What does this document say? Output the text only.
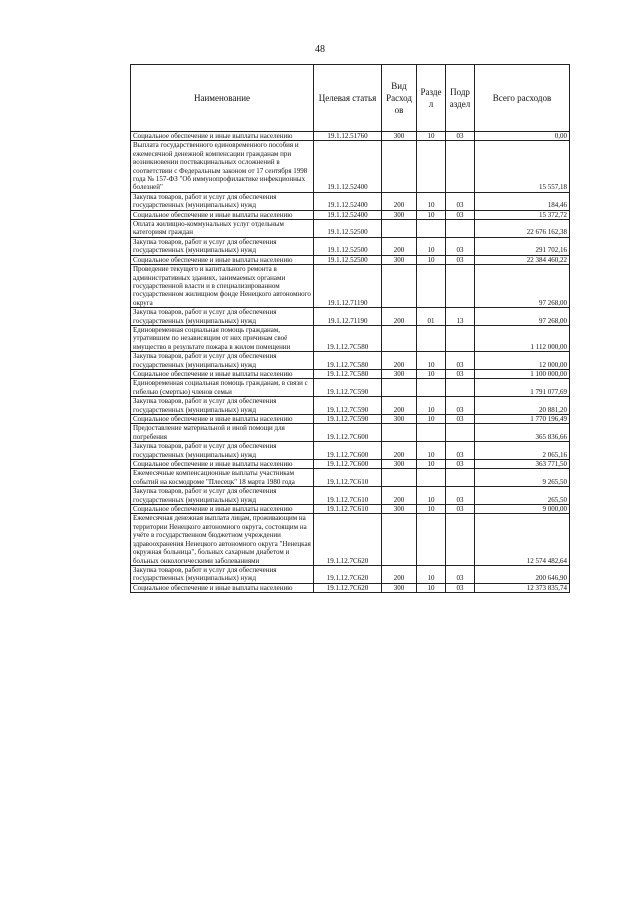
48
Наименование	Целевая статья	Вид Расход ов	Разде л	Подр аздел	Всего расходов
Социальное обеспечение и иные выплаты населению	19.1.12.51760	300	10	03	0,00
Выплата государственного единовременного пособия и ежемесячной денежной компенсации гражданам при возникновении поствакцинальных осложнений в соответствии с Федеральным законом от 17 сентября 1998 года № 157-ФЗ "Об иммунопрофилактике инфекционных болезней"	19.1.12.52400				15 557,18
Закупка товаров, работ и услуг для обеспечения государственных (муниципальных) нужд	19.1.12.52400	200	10	03	184,46
Социальное обеспечение и иные выплаты населению	19.1.12.52400	300	10	03	15 372,72
Оплата жилищно-коммунальных услуг отдельным категориям граждан	19.1.12.52500				22 676 162,38
Закупка товаров, работ и услуг для обеспечения государственных (муниципальных) нужд	19.1.12.52500	200	10	03	291 702,16
Социальное обеспечение и иные выплаты населению	19.1.12.52500	300	10	03	22 384 460,22
Проведение текущего и капитального ремонта в административных зданиях, занимаемых органами государственной власти и в специализированном государственном жилищном фонде Ненецкого автономного округа	19.1.12.71190				97 268,00
Закупка товаров, работ и услуг для обеспечения государственных (муниципальных) нужд	19.1.12.71190	200	01	13	97 268,00
Единовременная социальная помощь гражданам, утратившим по независящим от них причинам своё имущество в результате пожара в жилом помещении	19.1.12.7С580				1 112 000,00
Закупка товаров, работ и услуг для обеспечения государственных (муниципальных) нужд	19.1.12.7С580	200	10	03	12 000,00
Социальное обеспечение и иные выплаты населению	19.1.12.7С580	300	10	03	1 100 000,00
Единовременная социальная помощь гражданам, в связи с гибелью (смертью) членов семьи	19.1.12.7С590				1 791 077,69
Закупка товаров, работ и услуг для обеспечения государственных (муниципальных) нужд	19.1.12.7С590	200	10	03	20 881,20
Социальное обеспечение и иные выплаты населению	19.1.12.7С590	300	10	03	1 770 196,49
Предоставление материальной и иной помощи для погребения	19.1.12.7С600				365 836,66
Закупка товаров, работ и услуг для обеспечения государственных (муниципальных) нужд	19.1.12.7С600	200	10	03	2 065,16
Социальное обеспечение и иные выплаты населению	19.1.12.7С600	300	10	03	363 771,50
Ежемесячные компенсационные выплаты участникам событий на космодроме "Плесецк" 18 марта 1980 года	19.1.12.7С610				9 265,50
Закупка товаров, работ и услуг для обеспечения государственных (муниципальных) нужд	19.1.12.7С610	200	10	03	265,50
Социальное обеспечение и иные выплаты населению	19.1.12.7С610	300	10	03	9 000,00
Ежемесячная денежная выплата лицам, проживающим на территории Ненецкого автономного округа, состоящим на учёте в государственном бюджетном учреждении здравоохранения Ненецкого автономного округа "Ненецкая окружная больница", больных сахарным диабетом и больных онкологическими заболеваниями	19.1.12.7С620				12 574 482,64
Закупка товаров, работ и услуг для обеспечения государственных (муниципальных) нужд	19.1.12.7С620	200	10	03	200 646,90
Социальное обеспечение и иные выплаты населению	19.1.12.7С620	300	10	03	12 373 835,74
